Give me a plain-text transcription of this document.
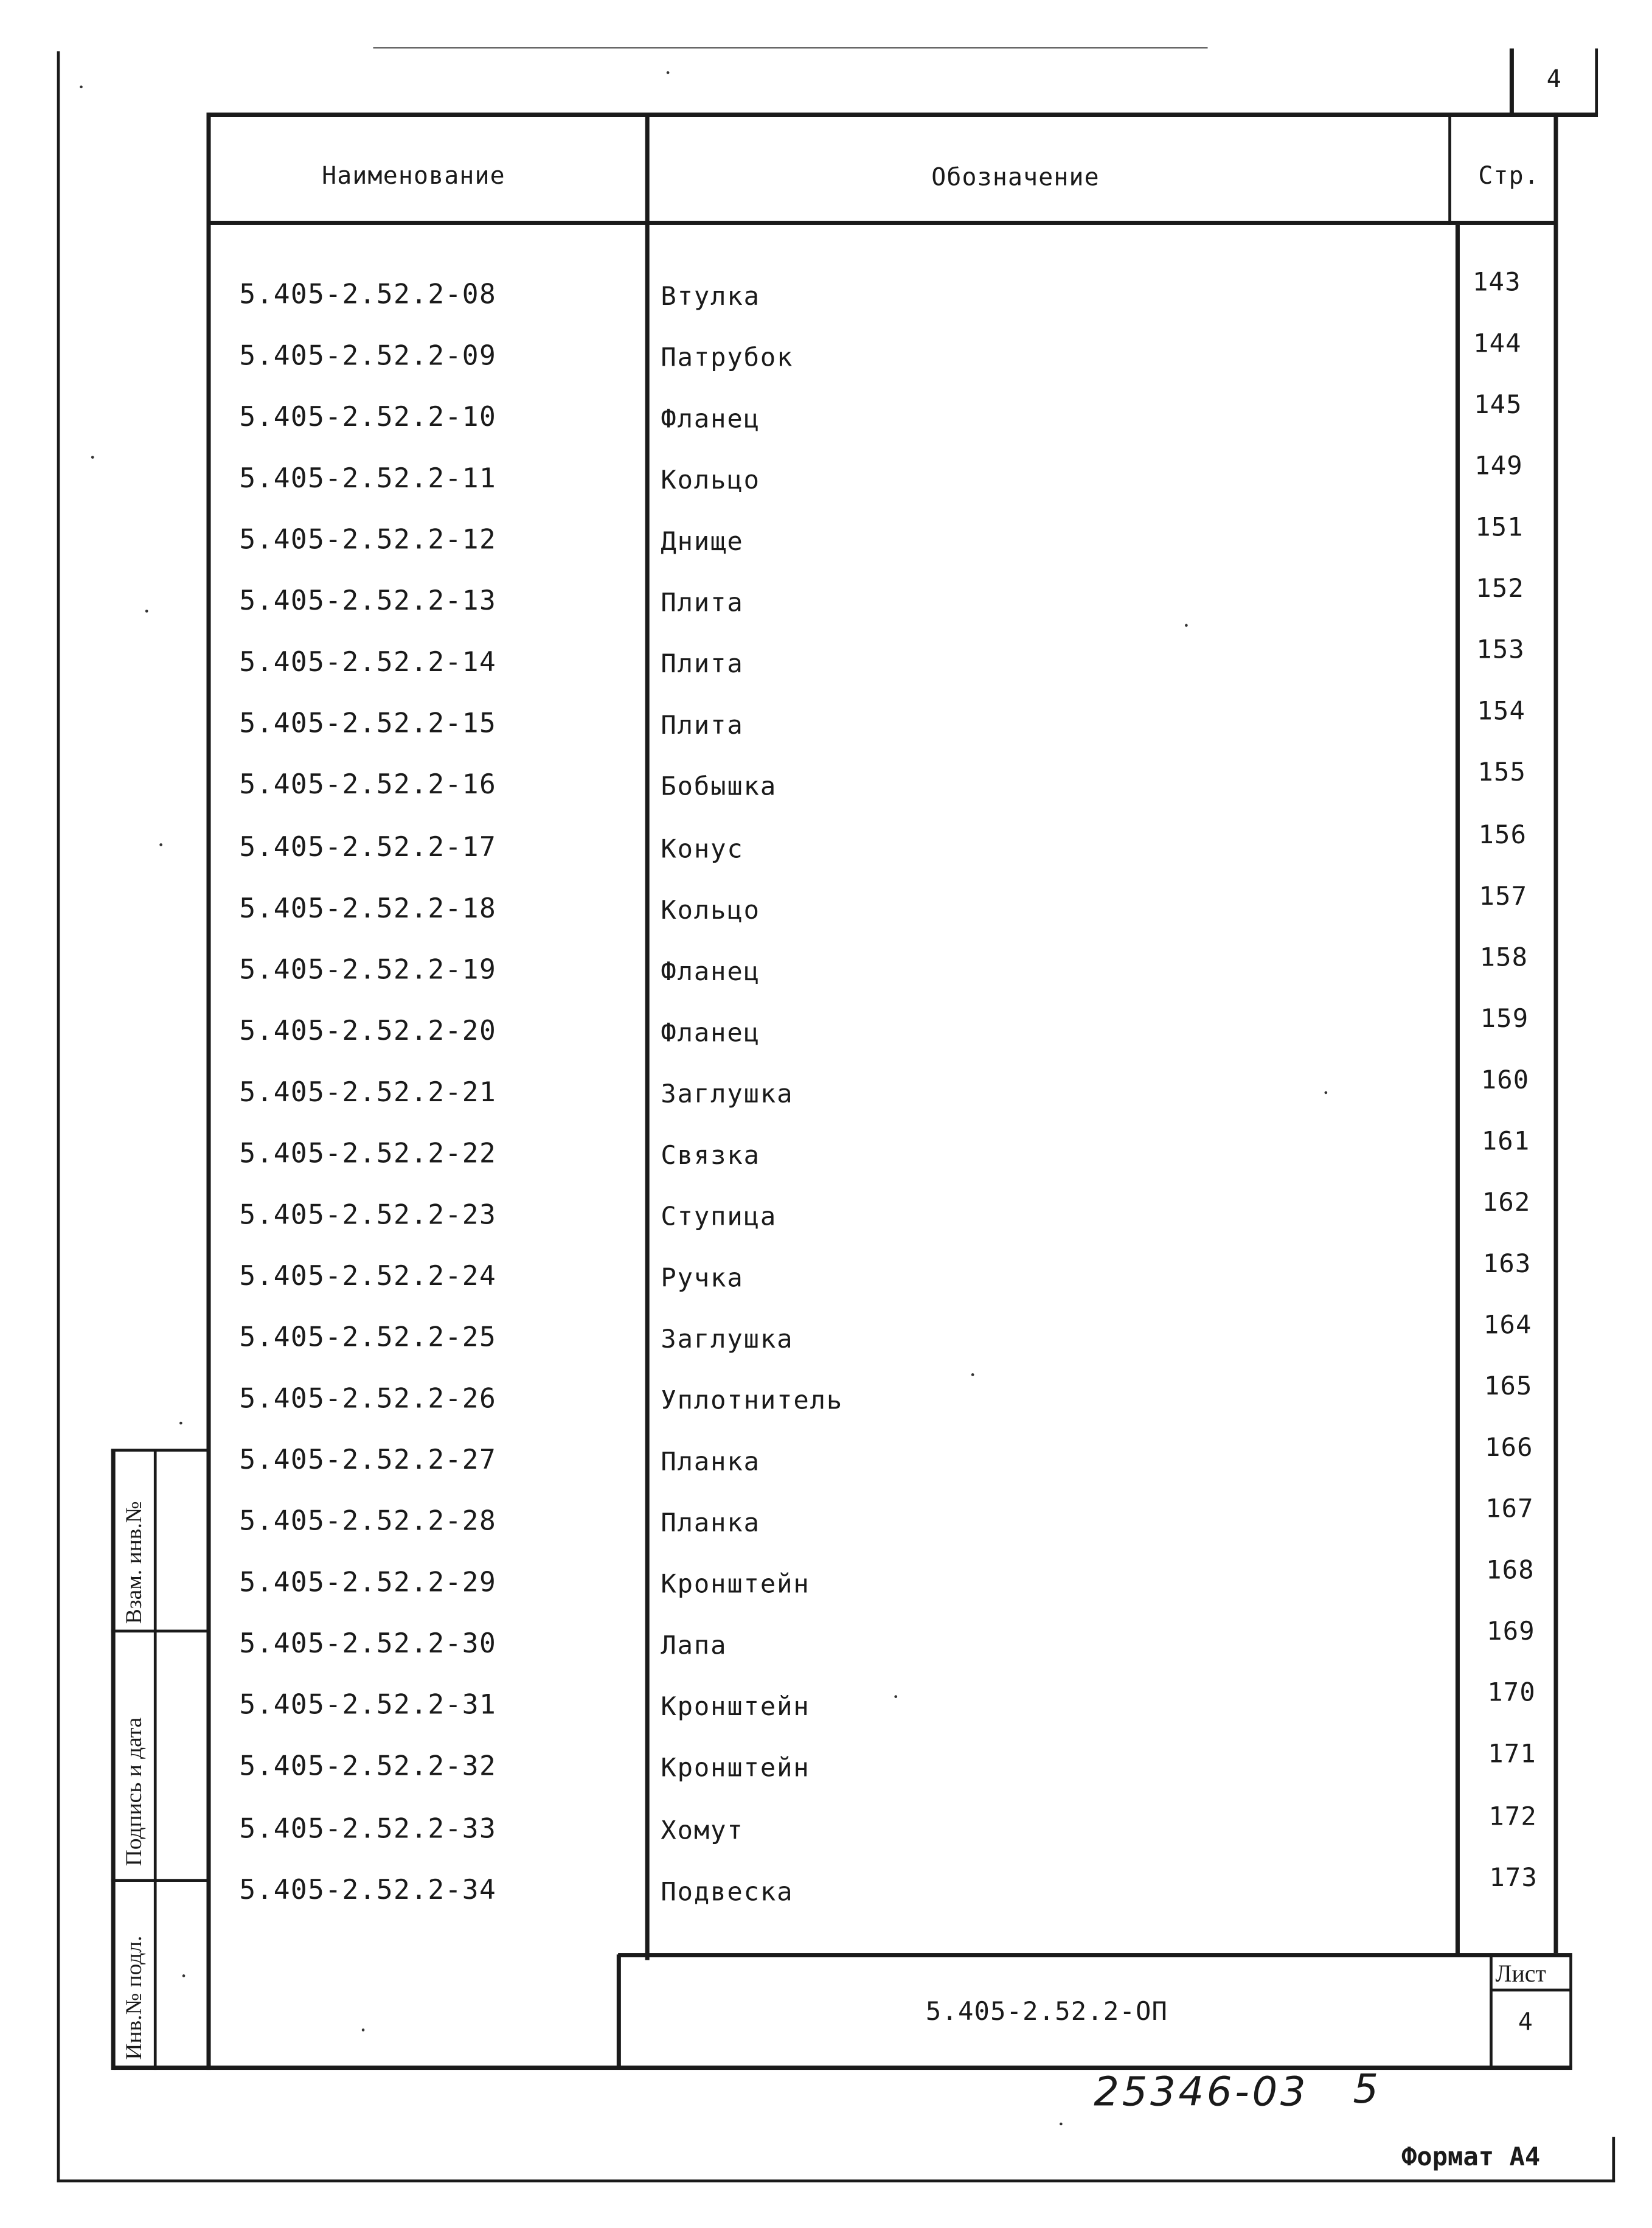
4
Наименование	Обозначение	Стр.
5.405-2.52.2-08	Втулка	143
5.405-2.52.2-09	Патрубок	144
5.405-2.52.2-10	Фланец	145
5.405-2.52.2-11	Кольцо	149
5.405-2.52.2-12	Днище	151
5.405-2.52.2-13	Плита	152
5.405-2.52.2-14	Плита	153
5.405-2.52.2-15	Плита	154
5.405-2.52.2-16	Бобышка	155
5.405-2.52.2-17	Конус	156
5.405-2.52.2-18	Кольцо	157
5.405-2.52.2-19	Фланец	158
5.405-2.52.2-20	Фланец	159
5.405-2.52.2-21	Заглушка	160
5.405-2.52.2-22	Связка	161
5.405-2.52.2-23	Ступица	162
5.405-2.52.2-24	Ручка	163
5.405-2.52.2-25	Заглушка	164
5.405-2.52.2-26	Уплотнитель	165
5.405-2.52.2-27	Планка	166
5.405-2.52.2-28	Планка	167
5.405-2.52.2-29	Кронштейн	168
5.405-2.52.2-30	Лапа	169
5.405-2.52.2-31	Кронштейн	170
5.405-2.52.2-32	Кронштейн	171
5.405-2.52.2-33	Хомут	172
5.405-2.52.2-34	Подвеска	173
5.405-2.52.2-ОП
Лист
4
Взам. инв.№
Подпись и дата
Инв.№ подл.
25346-03	5
Формат А4
